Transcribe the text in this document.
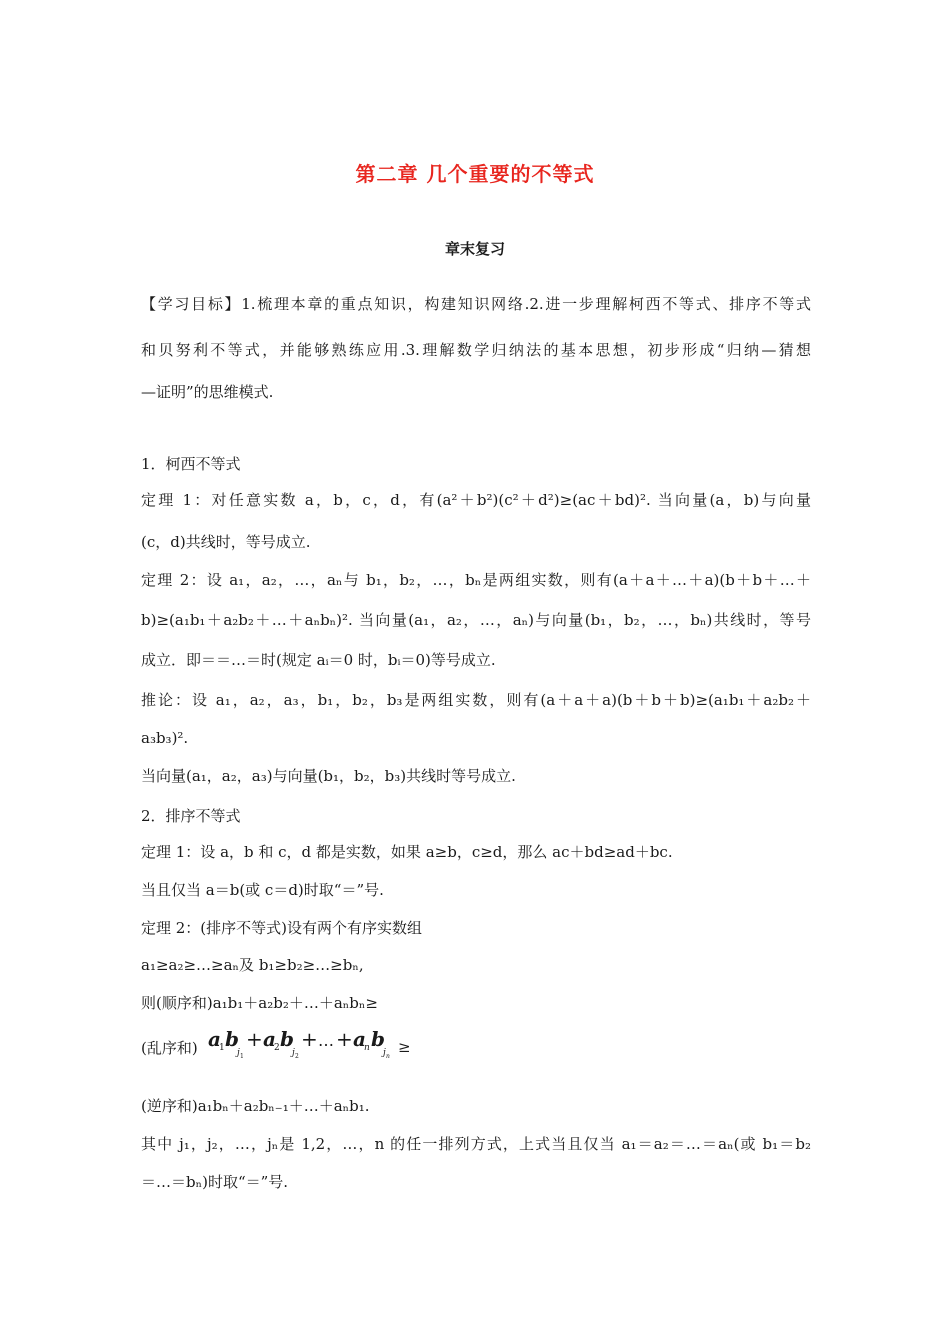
第二章 几个重要的不等式
章末复习
【学习目标】1.梳理本章的重点知识，构建知识网络.2.进一步理解柯西不等式、排序不等式
和贝努利不等式，并能够熟练应用.3.理解数学归纳法的基本思想，初步形成“归纳—猜想
—证明”的思维模式.
1．柯西不等式
定理 1：对任意实数 a，b，c，d，有(a²＋b²)(c²＋d²)≥(ac＋bd)². 当向量(a，b)与向量
(c，d)共线时，等号成立.
定理 2：设 a₁，a₂，…，aₙ与 b₁，b₂，…，bₙ是两组实数，则有(a＋a＋…＋a)(b＋b＋…＋
b)≥(a₁b₁＋a₂b₂＋…＋aₙbₙ)². 当向量(a₁，a₂，…，aₙ)与向量(b₁，b₂，…，bₙ)共线时，等号
成立．即＝＝…＝时(规定 aᵢ＝0 时，bᵢ＝0)等号成立.
推论：设 a₁，a₂，a₃，b₁，b₂，b₃是两组实数，则有(a＋a＋a)(b＋b＋b)≥(a₁b₁＋a₂b₂＋
a₃b₃)².
当向量(a₁，a₂，a₃)与向量(b₁，b₂，b₃)共线时等号成立.
2．排序不等式
定理 1：设 a，b 和 c，d 都是实数，如果 a≥b，c≥d，那么 ac＋bd≥ad＋bc.
当且仅当 a＝b(或 c＝d)时取“＝”号.
定理 2：(排序不等式)设有两个有序实数组
a₁≥a₂≥…≥aₙ及 b₁≥b₂≥…≥bₙ,
则(顺序和)a₁b₁＋a₂b₂＋…＋aₙbₙ≥
(乱序和) a
1 b
j 1
+ a
2 b
j 2
+ … + a
n b
j n
≥
(逆序和)a₁bₙ＋a₂bₙ₋₁＋…＋aₙb₁.
其中 j₁，j₂，…，jₙ是 1,2，…，n 的任一排列方式，上式当且仅当 a₁＝a₂＝…＝aₙ(或 b₁＝b₂
＝…＝bₙ)时取“＝”号.
